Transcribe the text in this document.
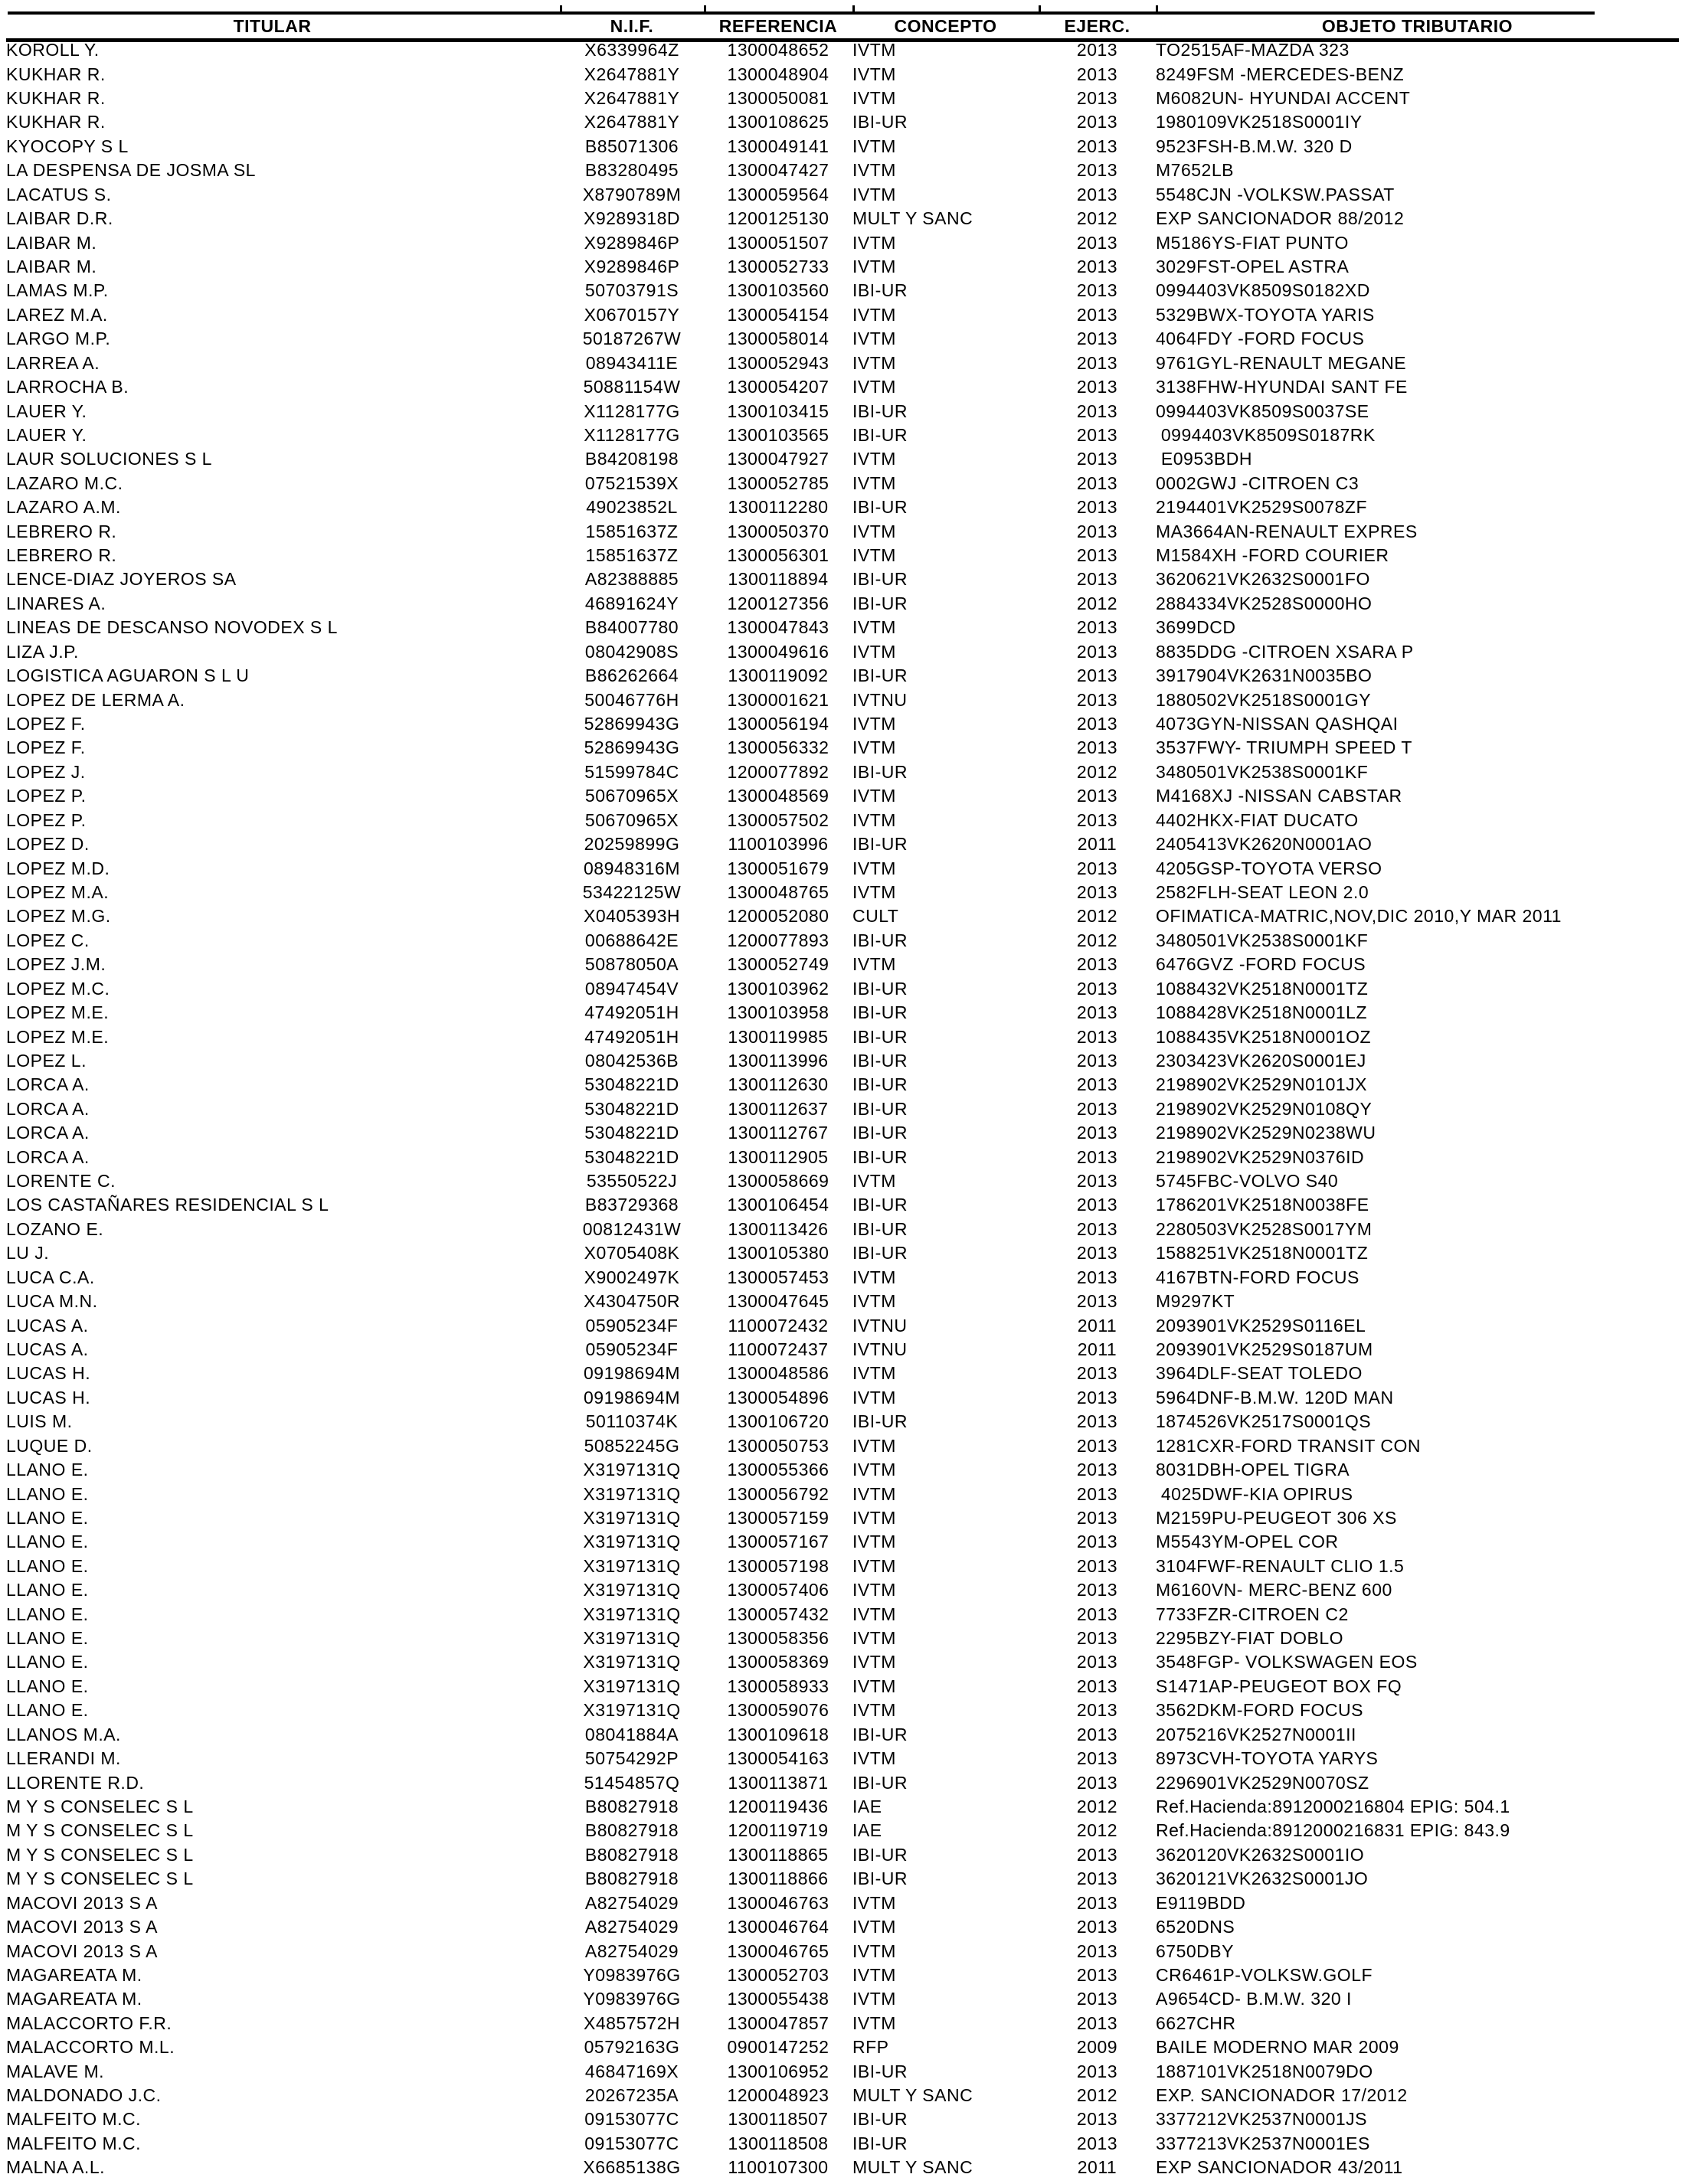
TITULAR	N.I.F.	REFERENCIA	CONCEPTO	EJERC.	OBJETO TRIBUTARIO
KOROLL Y.	X6339964Z	1300048652	IVTM	2013	TO2515AF-MAZDA 323
KUKHAR R.	X2647881Y	1300048904	IVTM	2013	8249FSM -MERCEDES-BENZ
KUKHAR R.	X2647881Y	1300050081	IVTM	2013	M6082UN- HYUNDAI ACCENT
KUKHAR R.	X2647881Y	1300108625	IBI-UR	2013	1980109VK2518S0001IY
KYOCOPY S L	B85071306	1300049141	IVTM	2013	9523FSH-B.M.W. 320 D
LA DESPENSA DE JOSMA SL	B83280495	1300047427	IVTM	2013	M7652LB
LACATUS S.	X8790789M	1300059564	IVTM	2013	5548CJN -VOLKSW.PASSAT
LAIBAR D.R.	X9289318D	1200125130	MULT Y SANC	2012	EXP SANCIONADOR 88/2012
LAIBAR M.	X9289846P	1300051507	IVTM	2013	M5186YS-FIAT PUNTO
LAIBAR M.	X9289846P	1300052733	IVTM	2013	3029FST-OPEL ASTRA
LAMAS M.P.	50703791S	1300103560	IBI-UR	2013	0994403VK8509S0182XD
LAREZ M.A.	X0670157Y	1300054154	IVTM	2013	5329BWX-TOYOTA YARIS
LARGO M.P.	50187267W	1300058014	IVTM	2013	4064FDY -FORD FOCUS
LARREA A.	08943411E	1300052943	IVTM	2013	9761GYL-RENAULT MEGANE
LARROCHA B.	50881154W	1300054207	IVTM	2013	3138FHW-HYUNDAI SANT FE
LAUER Y.	X1128177G	1300103415	IBI-UR	2013	0994403VK8509S0037SE
LAUER Y.	X1128177G	1300103565	IBI-UR	2013	0994403VK8509S0187RK
LAUR SOLUCIONES S L	B84208198	1300047927	IVTM	2013	E0953BDH
LAZARO M.C.	07521539X	1300052785	IVTM	2013	0002GWJ -CITROEN C3
LAZARO A.M.	49023852L	1300112280	IBI-UR	2013	2194401VK2529S0078ZF
LEBRERO R.	15851637Z	1300050370	IVTM	2013	MA3664AN-RENAULT EXPRES
LEBRERO R.	15851637Z	1300056301	IVTM	2013	M1584XH -FORD COURIER
LENCE-DIAZ JOYEROS SA	A82388885	1300118894	IBI-UR	2013	3620621VK2632S0001FO
LINARES A.	46891624Y	1200127356	IBI-UR	2012	2884334VK2528S0000HO
LINEAS DE DESCANSO NOVODEX S L	B84007780	1300047843	IVTM	2013	3699DCD
LIZA J.P.	08042908S	1300049616	IVTM	2013	8835DDG -CITROEN XSARA P
LOGISTICA AGUARON S L U	B86262664	1300119092	IBI-UR	2013	3917904VK2631N0035BO
LOPEZ DE LERMA A.	50046776H	1300001621	IVTNU	2013	1880502VK2518S0001GY
LOPEZ F.	52869943G	1300056194	IVTM	2013	4073GYN-NISSAN QASHQAI
LOPEZ F.	52869943G	1300056332	IVTM	2013	3537FWY- TRIUMPH SPEED T
LOPEZ J.	51599784C	1200077892	IBI-UR	2012	3480501VK2538S0001KF
LOPEZ P.	50670965X	1300048569	IVTM	2013	M4168XJ -NISSAN CABSTAR
LOPEZ P.	50670965X	1300057502	IVTM	2013	4402HKX-FIAT DUCATO
LOPEZ D.	20259899G	1100103996	IBI-UR	2011	2405413VK2620N0001AO
LOPEZ M.D.	08948316M	1300051679	IVTM	2013	4205GSP-TOYOTA VERSO
LOPEZ M.A.	53422125W	1300048765	IVTM	2013	2582FLH-SEAT LEON 2.0
LOPEZ M.G.	X0405393H	1200052080	CULT	2012	OFIMATICA-MATRIC,NOV,DIC 2010,Y MAR 2011
LOPEZ C.	00688642E	1200077893	IBI-UR	2012	3480501VK2538S0001KF
LOPEZ J.M.	50878050A	1300052749	IVTM	2013	6476GVZ -FORD FOCUS
LOPEZ M.C.	08947454V	1300103962	IBI-UR	2013	1088432VK2518N0001TZ
LOPEZ M.E.	47492051H	1300103958	IBI-UR	2013	1088428VK2518N0001LZ
LOPEZ M.E.	47492051H	1300119985	IBI-UR	2013	1088435VK2518N0001OZ
LOPEZ L.	08042536B	1300113996	IBI-UR	2013	2303423VK2620S0001EJ
LORCA A.	53048221D	1300112630	IBI-UR	2013	2198902VK2529N0101JX
LORCA A.	53048221D	1300112637	IBI-UR	2013	2198902VK2529N0108QY
LORCA A.	53048221D	1300112767	IBI-UR	2013	2198902VK2529N0238WU
LORCA A.	53048221D	1300112905	IBI-UR	2013	2198902VK2529N0376ID
LORENTE C.	53550522J	1300058669	IVTM	2013	5745FBC-VOLVO S40
LOS CASTAÑARES RESIDENCIAL S L	B83729368	1300106454	IBI-UR	2013	1786201VK2518N0038FE
LOZANO E.	00812431W	1300113426	IBI-UR	2013	2280503VK2528S0017YM
LU J.	X0705408K	1300105380	IBI-UR	2013	1588251VK2518N0001TZ
LUCA C.A.	X9002497K	1300057453	IVTM	2013	4167BTN-FORD FOCUS
LUCA M.N.	X4304750R	1300047645	IVTM	2013	M9297KT
LUCAS A.	05905234F	1100072432	IVTNU	2011	2093901VK2529S0116EL
LUCAS A.	05905234F	1100072437	IVTNU	2011	2093901VK2529S0187UM
LUCAS H.	09198694M	1300048586	IVTM	2013	3964DLF-SEAT TOLEDO
LUCAS H.	09198694M	1300054896	IVTM	2013	5964DNF-B.M.W. 120D MAN
LUIS M.	50110374K	1300106720	IBI-UR	2013	1874526VK2517S0001QS
LUQUE D.	50852245G	1300050753	IVTM	2013	1281CXR-FORD TRANSIT CON
LLANO E.	X3197131Q	1300055366	IVTM	2013	8031DBH-OPEL TIGRA
LLANO E.	X3197131Q	1300056792	IVTM	2013	4025DWF-KIA OPIRUS
LLANO E.	X3197131Q	1300057159	IVTM	2013	M2159PU-PEUGEOT 306 XS
LLANO E.	X3197131Q	1300057167	IVTM	2013	M5543YM-OPEL COR
LLANO E.	X3197131Q	1300057198	IVTM	2013	3104FWF-RENAULT CLIO 1.5
LLANO E.	X3197131Q	1300057406	IVTM	2013	M6160VN- MERC-BENZ 600
LLANO E.	X3197131Q	1300057432	IVTM	2013	7733FZR-CITROEN C2
LLANO E.	X3197131Q	1300058356	IVTM	2013	2295BZY-FIAT DOBLO
LLANO E.	X3197131Q	1300058369	IVTM	2013	3548FGP- VOLKSWAGEN EOS
LLANO E.	X3197131Q	1300058933	IVTM	2013	S1471AP-PEUGEOT BOX FQ
LLANO E.	X3197131Q	1300059076	IVTM	2013	3562DKM-FORD FOCUS
LLANOS M.A.	08041884A	1300109618	IBI-UR	2013	2075216VK2527N0001II
LLERANDI M.	50754292P	1300054163	IVTM	2013	8973CVH-TOYOTA YARYS
LLORENTE R.D.	51454857Q	1300113871	IBI-UR	2013	2296901VK2529N0070SZ
M Y S CONSELEC S L	B80827918	1200119436	IAE	2012	Ref.Hacienda:8912000216804 EPIG: 504.1
M Y S CONSELEC S L	B80827918	1200119719	IAE	2012	Ref.Hacienda:8912000216831 EPIG: 843.9
M Y S CONSELEC S L	B80827918	1300118865	IBI-UR	2013	3620120VK2632S0001IO
M Y S CONSELEC S L	B80827918	1300118866	IBI-UR	2013	3620121VK2632S0001JO
MACOVI 2013 S A	A82754029	1300046763	IVTM	2013	E9119BDD
MACOVI 2013 S A	A82754029	1300046764	IVTM	2013	6520DNS
MACOVI 2013 S A	A82754029	1300046765	IVTM	2013	6750DBY
MAGAREATA M.	Y0983976G	1300052703	IVTM	2013	CR6461P-VOLKSW.GOLF
MAGAREATA M.	Y0983976G	1300055438	IVTM	2013	A9654CD- B.M.W. 320 I
MALACCORTO F.R.	X4857572H	1300047857	IVTM	2013	6627CHR
MALACCORTO M.L.	05792163G	0900147252	RFP	2009	BAILE MODERNO MAR 2009
MALAVE M.	46847169X	1300106952	IBI-UR	2013	1887101VK2518N0079DO
MALDONADO J.C.	20267235A	1200048923	MULT Y SANC	2012	EXP. SANCIONADOR 17/2012
MALFEITO M.C.	09153077C	1300118507	IBI-UR	2013	3377212VK2537N0001JS
MALFEITO M.C.	09153077C	1300118508	IBI-UR	2013	3377213VK2537N0001ES
MALNA A.L.	X6685138G	1100107300	MULT Y SANC	2011	EXP SANCIONADOR 43/2011
